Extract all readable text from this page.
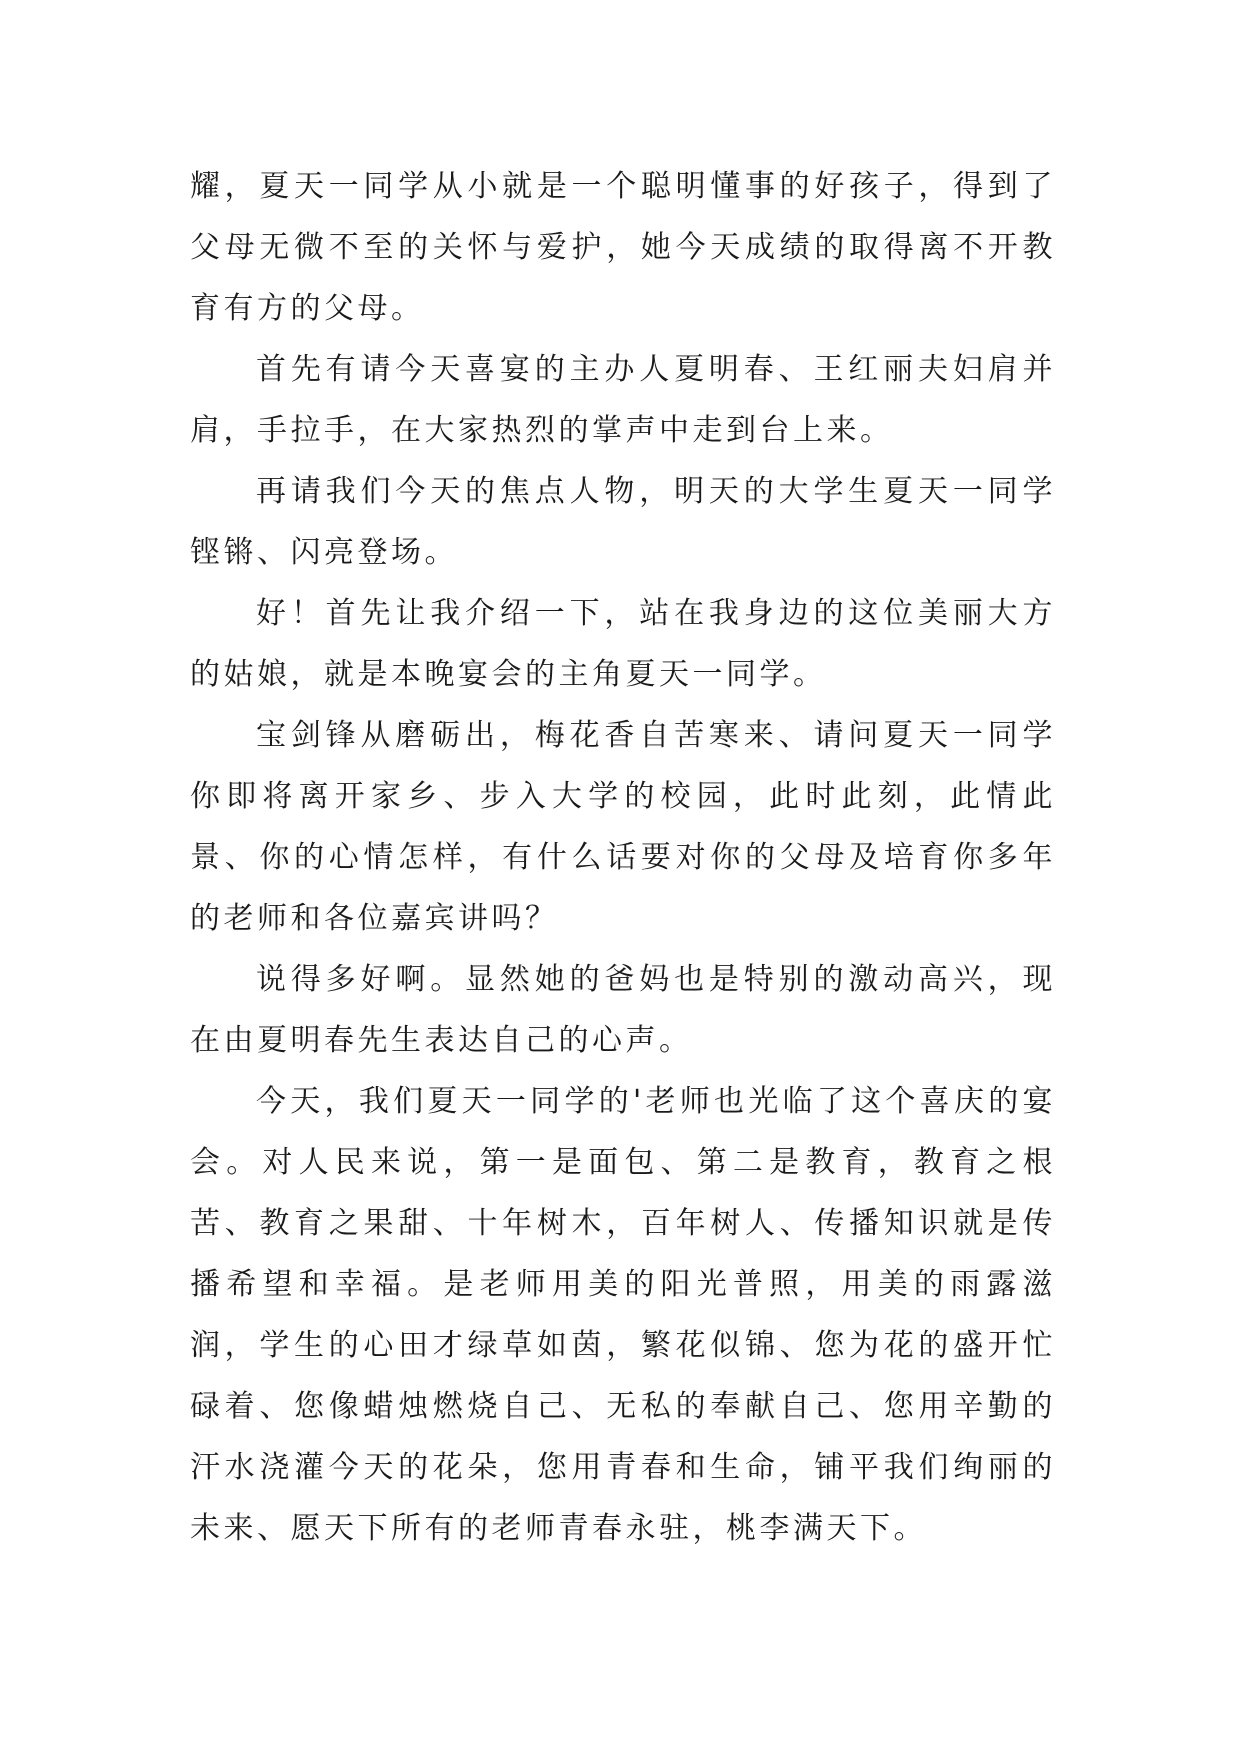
耀，夏天一同学从小就是一个聪明懂事的好孩子，得到了父母无微不至的关怀与爱护，她今天成绩的取得离不开教育有方的父母。

首先有请今天喜宴的主办人夏明春、王红丽夫妇肩并肩，手拉手，在大家热烈的掌声中走到台上来。

再请我们今天的焦点人物，明天的大学生夏天一同学铿锵、闪亮登场。

好！首先让我介绍一下，站在我身边的这位美丽大方的姑娘，就是本晚宴会的主角夏天一同学。

宝剑锋从磨砺出，梅花香自苦寒来、请问夏天一同学你即将离开家乡、步入大学的校园，此时此刻，此情此景、你的心情怎样，有什么话要对你的父母及培育你多年的老师和各位嘉宾讲吗？

说得多好啊。显然她的爸妈也是特别的激动高兴，现在由夏明春先生表达自己的心声。

今天，我们夏天一同学的'老师也光临了这个喜庆的宴会。对人民来说，第一是面包、第二是教育，教育之根苦、教育之果甜、十年树木，百年树人、传播知识就是传播希望和幸福。是老师用美的阳光普照，用美的雨露滋润，学生的心田才绿草如茵，繁花似锦、您为花的盛开忙碌着、您像蜡烛燃烧自己、无私的奉献自己、您用辛勤的汗水浇灌今天的花朵，您用青春和生命，铺平我们绚丽的未来、愿天下所有的老师青春永驻，桃李满天下。
